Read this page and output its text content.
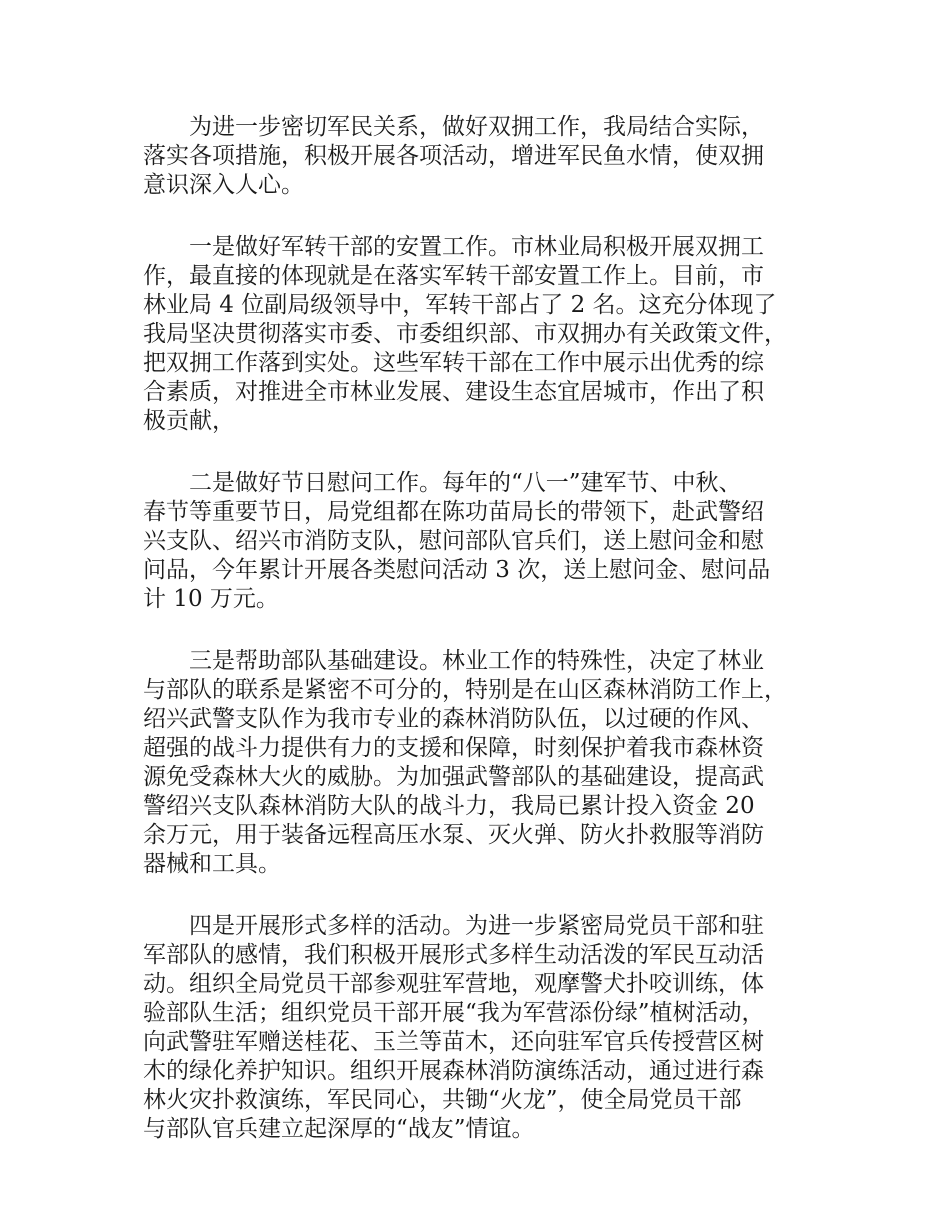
为进一步密切军民关系，做好双拥工作，我局结合实际，
落实各项措施，积极开展各项活动，增进军民鱼水情，使双拥
意识深入人心。

一是做好军转干部的安置工作。市林业局积极开展双拥工
作，最直接的体现就是在落实军转干部安置工作上。目前，市
林业局 4 位副局级领导中，军转干部占了 2 名。这充分体现了
我局坚决贯彻落实市委、市委组织部、市双拥办有关政策文件，
把双拥工作落到实处。这些军转干部在工作中展示出优秀的综
合素质，对推进全市林业发展、建设生态宜居城市，作出了积
极贡献，

二是做好节日慰问工作。每年的“八一”建军节、中秋、
春节等重要节日，局党组都在陈功苗局长的带领下，赴武警绍
兴支队、绍兴市消防支队，慰问部队官兵们，送上慰问金和慰
问品，今年累计开展各类慰问活动 3 次，送上慰问金、慰问品
计 10 万元。

三是帮助部队基础建设。林业工作的特殊性，决定了林业
与部队的联系是紧密不可分的，特别是在山区森林消防工作上，
绍兴武警支队作为我市专业的森林消防队伍，以过硬的作风、
超强的战斗力提供有力的支援和保障，时刻保护着我市森林资
源免受森林大火的威胁。为加强武警部队的基础建设，提高武
警绍兴支队森林消防大队的战斗力，我局已累计投入资金 20
余万元，用于装备远程高压水泵、灭火弹、防火扑救服等消防
器械和工具。

四是开展形式多样的活动。为进一步紧密局党员干部和驻
军部队的感情，我们积极开展形式多样生动活泼的军民互动活
动。组织全局党员干部参观驻军营地，观摩警犬扑咬训练，体
验部队生活；组织党员干部开展“我为军营添份绿”植树活动，
向武警驻军赠送桂花、玉兰等苗木，还向驻军官兵传授营区树
木的绿化养护知识。组织开展森林消防演练活动，通过进行森
林火灾扑救演练，军民同心，共锄“火龙”，使全局党员干部
与部队官兵建立起深厚的“战友”情谊。
